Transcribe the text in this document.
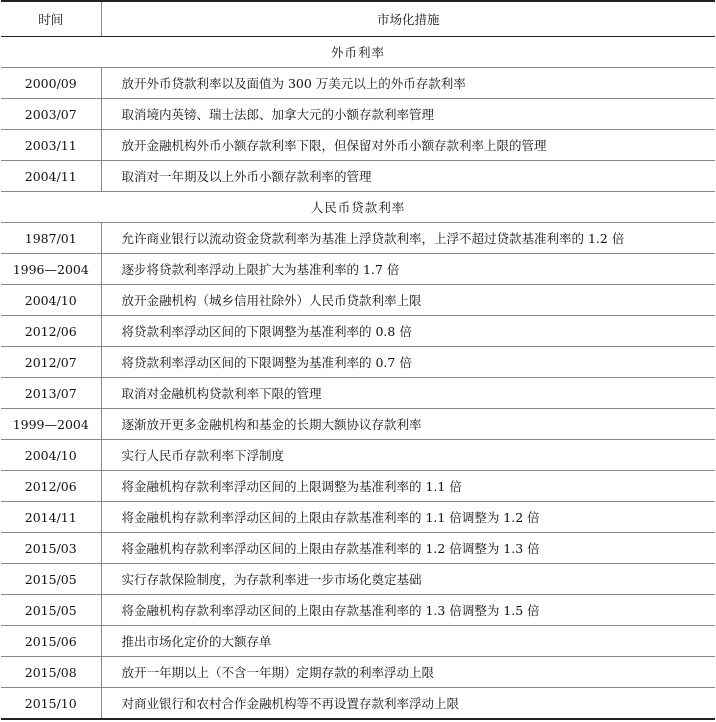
时间	市场化措施
外币利率	
2000/09	放开外币贷款利率以及面值为 300 万美元以上的外币存款利率
2003/07	取消境内英镑、瑞士法郎、加拿大元的小额存款利率管理
2003/11	放开金融机构外币小额存款利率下限，但保留对外币小额存款利率上限的管理
2004/11	取消对一年期及以上外币小额存款利率的管理
人民币贷款利率	
1987/01	允许商业银行以流动资金贷款利率为基准上浮贷款利率，上浮不超过贷款基准利率的 1.2 倍
1996—2004	逐步将贷款利率浮动上限扩大为基准利率的 1.7 倍
2004/10	放开金融机构（城乡信用社除外）人民币贷款利率上限
2012/06	将贷款利率浮动区间的下限调整为基准利率的 0.8 倍
2012/07	将贷款利率浮动区间的下限调整为基准利率的 0.7 倍
2013/07	取消对金融机构贷款利率下限的管理
1999—2004	逐渐放开更多金融机构和基金的长期大额协议存款利率
2004/10	实行人民币存款利率下浮制度
2012/06	将金融机构存款利率浮动区间的上限调整为基准利率的 1.1 倍
2014/11	将金融机构存款利率浮动区间的上限由存款基准利率的 1.1 倍调整为 1.2 倍
2015/03	将金融机构存款利率浮动区间的上限由存款基准利率的 1.2 倍调整为 1.3 倍
2015/05	实行存款保险制度，为存款利率进一步市场化奠定基础
2015/05	将金融机构存款利率浮动区间的上限由存款基准利率的 1.3 倍调整为 1.5 倍
2015/06	推出市场化定价的大额存单
2015/08	放开一年期以上（不含一年期）定期存款的利率浮动上限
2015/10	对商业银行和农村合作金融机构等不再设置存款利率浮动上限
